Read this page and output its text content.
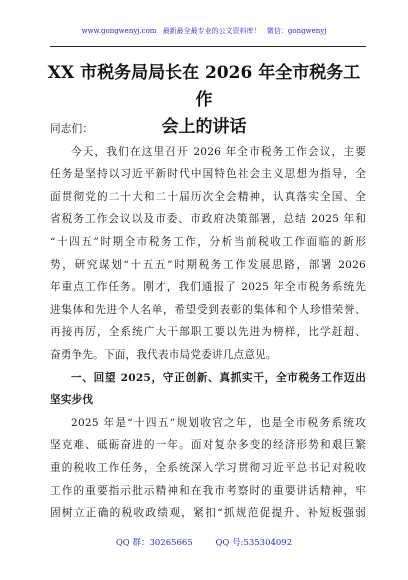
www.gongwenyj.com 最新最全最专业的公文资料库！ 微信：gongwenyj
XX 市税务局局长在 2026 年全市税务工作
会上的讲话
同志们：
今天，我们在这里召开 2026 年全市税务工作会议，主要
任务是坚持以习近平新时代中国特色社会主义思想为指导，全
面贯彻党的二十大和二十届历次全会精神，认真落实全国、全
省税务工作会议以及市委、市政府决策部署，总结 2025 年和
“十四五”时期全市税务工作，分析当前税收工作面临的新形
势，研究谋划“十五五”时期税务工作发展思路，部署 2026
年重点工作任务。刚才，我们通报了 2025 年全市税务系统先
进集体和先进个人名单，希望受到表彰的集体和个人珍惜荣誉、
再接再厉，全系统广大干部职工要以先进为榜样，比学赶超、
奋勇争先。下面，我代表市局党委讲几点意见。
一、回望 2025，守正创新、真抓实干，全市税务工作迈出
坚实步伐
2025 年是“十四五”规划收官之年，也是全市税务系统攻
坚克难、砥砺奋进的一年。面对复杂多变的经济形势和艰巨繁
重的税收工作任务，全系统深入学习贯彻习近平总书记对税收
工作的重要指示批示精神和在我市考察时的重要讲话精神，牢
固树立正确的税收政绩观，紧扣“抓规范促提升、补短板强弱
QQ 群：30265665	QQ 号:535304092
